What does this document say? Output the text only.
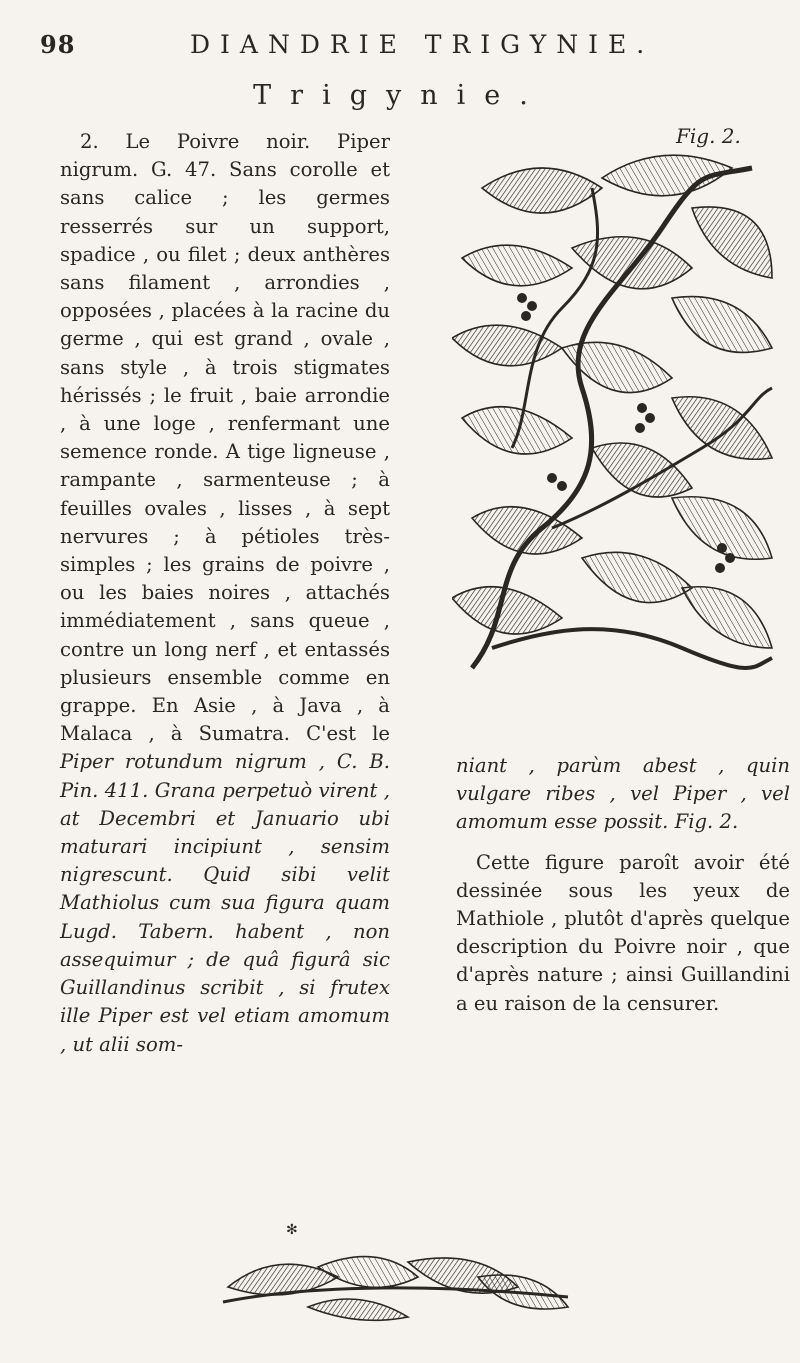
98	DIANDRIE TRIGYNIE.
Trigynie.

2. Le Poivre noir. Piper nigrum. G. 47. Sans corolle et sans calice ; les germes resserrés sur un support, spadice , ou filet ; deux anthères sans filament , arrondies , opposées , placées à la racine du germe , qui est grand , ovale , sans style , à trois stigmates hérissés ; le fruit , baie arrondie , à une loge , renfermant une semence ronde. A tige ligneuse , rampante , sarmenteuse ; à feuilles ovales , lisses , à sept nervures ; à pétioles très-simples ; les grains de poivre , ou les baies noires , attachés immédiatement , sans queue , contre un long nerf , et entassés plusieurs ensemble comme en grappe. En Asie , à Java , à Malaca , à Sumatra. C'est le Piper rotundum nigrum , C. B. Pin. 411. Grana perpetuò virent , at Decembri et Januario ubi maturari incipiunt , sensim nigrescunt. Quid sibi velit Mathiolus cum sua figura quam Lugd. Tabern. habent , non assequimur ; de quâ figurâ sic Guillandinus scribit , si frutex ille Piper est vel etiam amomum , ut alii som-

Fig. 2.

niant , parùm abest , quin vulgare ribes , vel Piper , vel amomum esse possit. Fig. 2.

Cette figure paroît avoir été dessinée sous les yeux de Mathiole , plutôt d'après quelque description du Poivre noir , que d'après nature ; ainsi Guillandini a eu raison de la censurer.

✻
